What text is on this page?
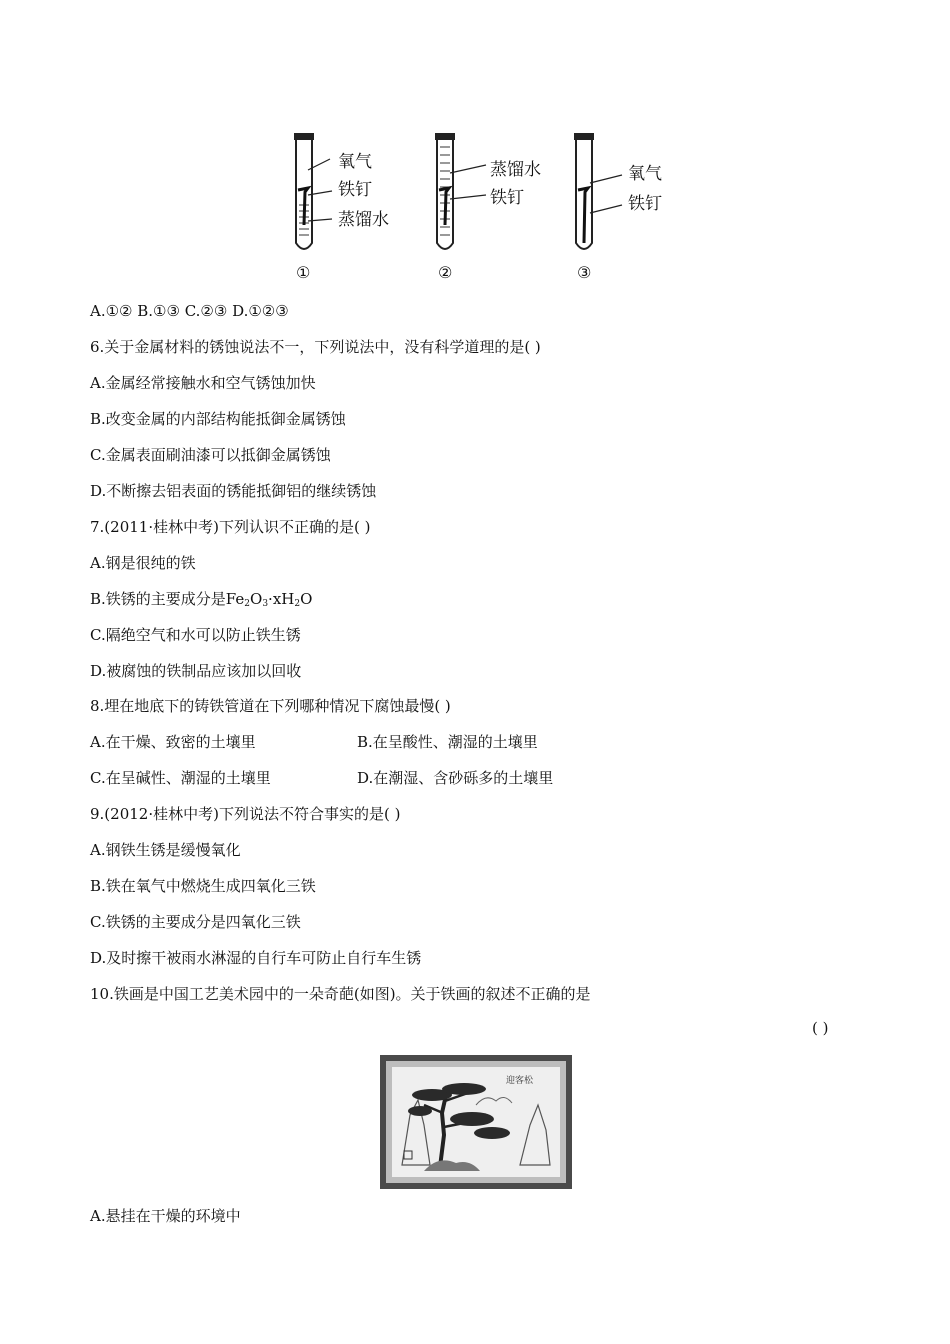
氧气
铁钉
蒸馏水
①
蒸馏水
铁钉
②
氧气
铁钉
③
A.①② B.①③ C.②③ D.①②③
6.关于金属材料的锈蚀说法不一，下列说法中，没有科学道理的是( )
A.金属经常接触水和空气锈蚀加快
B.改变金属的内部结构能抵御金属锈蚀
C.金属表面刷油漆可以抵御金属锈蚀
D.不断擦去铝表面的锈能抵御铝的继续锈蚀
7.(2011·桂林中考)下列认识不正确的是( )
A.钢是很纯的铁
B.铁锈的主要成分是$Fe_2O_3\cdot xH_2O$
C.隔绝空气和水可以防止铁生锈
D.被腐蚀的铁制品应该加以回收
8.埋在地底下的铸铁管道在下列哪种情况下腐蚀最慢( )
A.在干燥、致密的土壤里	B.在呈酸性、潮湿的土壤里
C.在呈碱性、潮湿的土壤里	D.在潮湿、含砂砾多的土壤里
9.(2012·桂林中考)下列说法不符合事实的是( )
A.钢铁生锈是缓慢氧化
B.铁在氧气中燃烧生成四氧化三铁
C.铁锈的主要成分是四氧化三铁
D.及时擦干被雨水淋湿的自行车可防止自行车生锈
10.铁画是中国工艺美术园中的一朵奇葩(如图)。关于铁画的叙述不正确的是
( )
迎客松
A.悬挂在干燥的环境中
